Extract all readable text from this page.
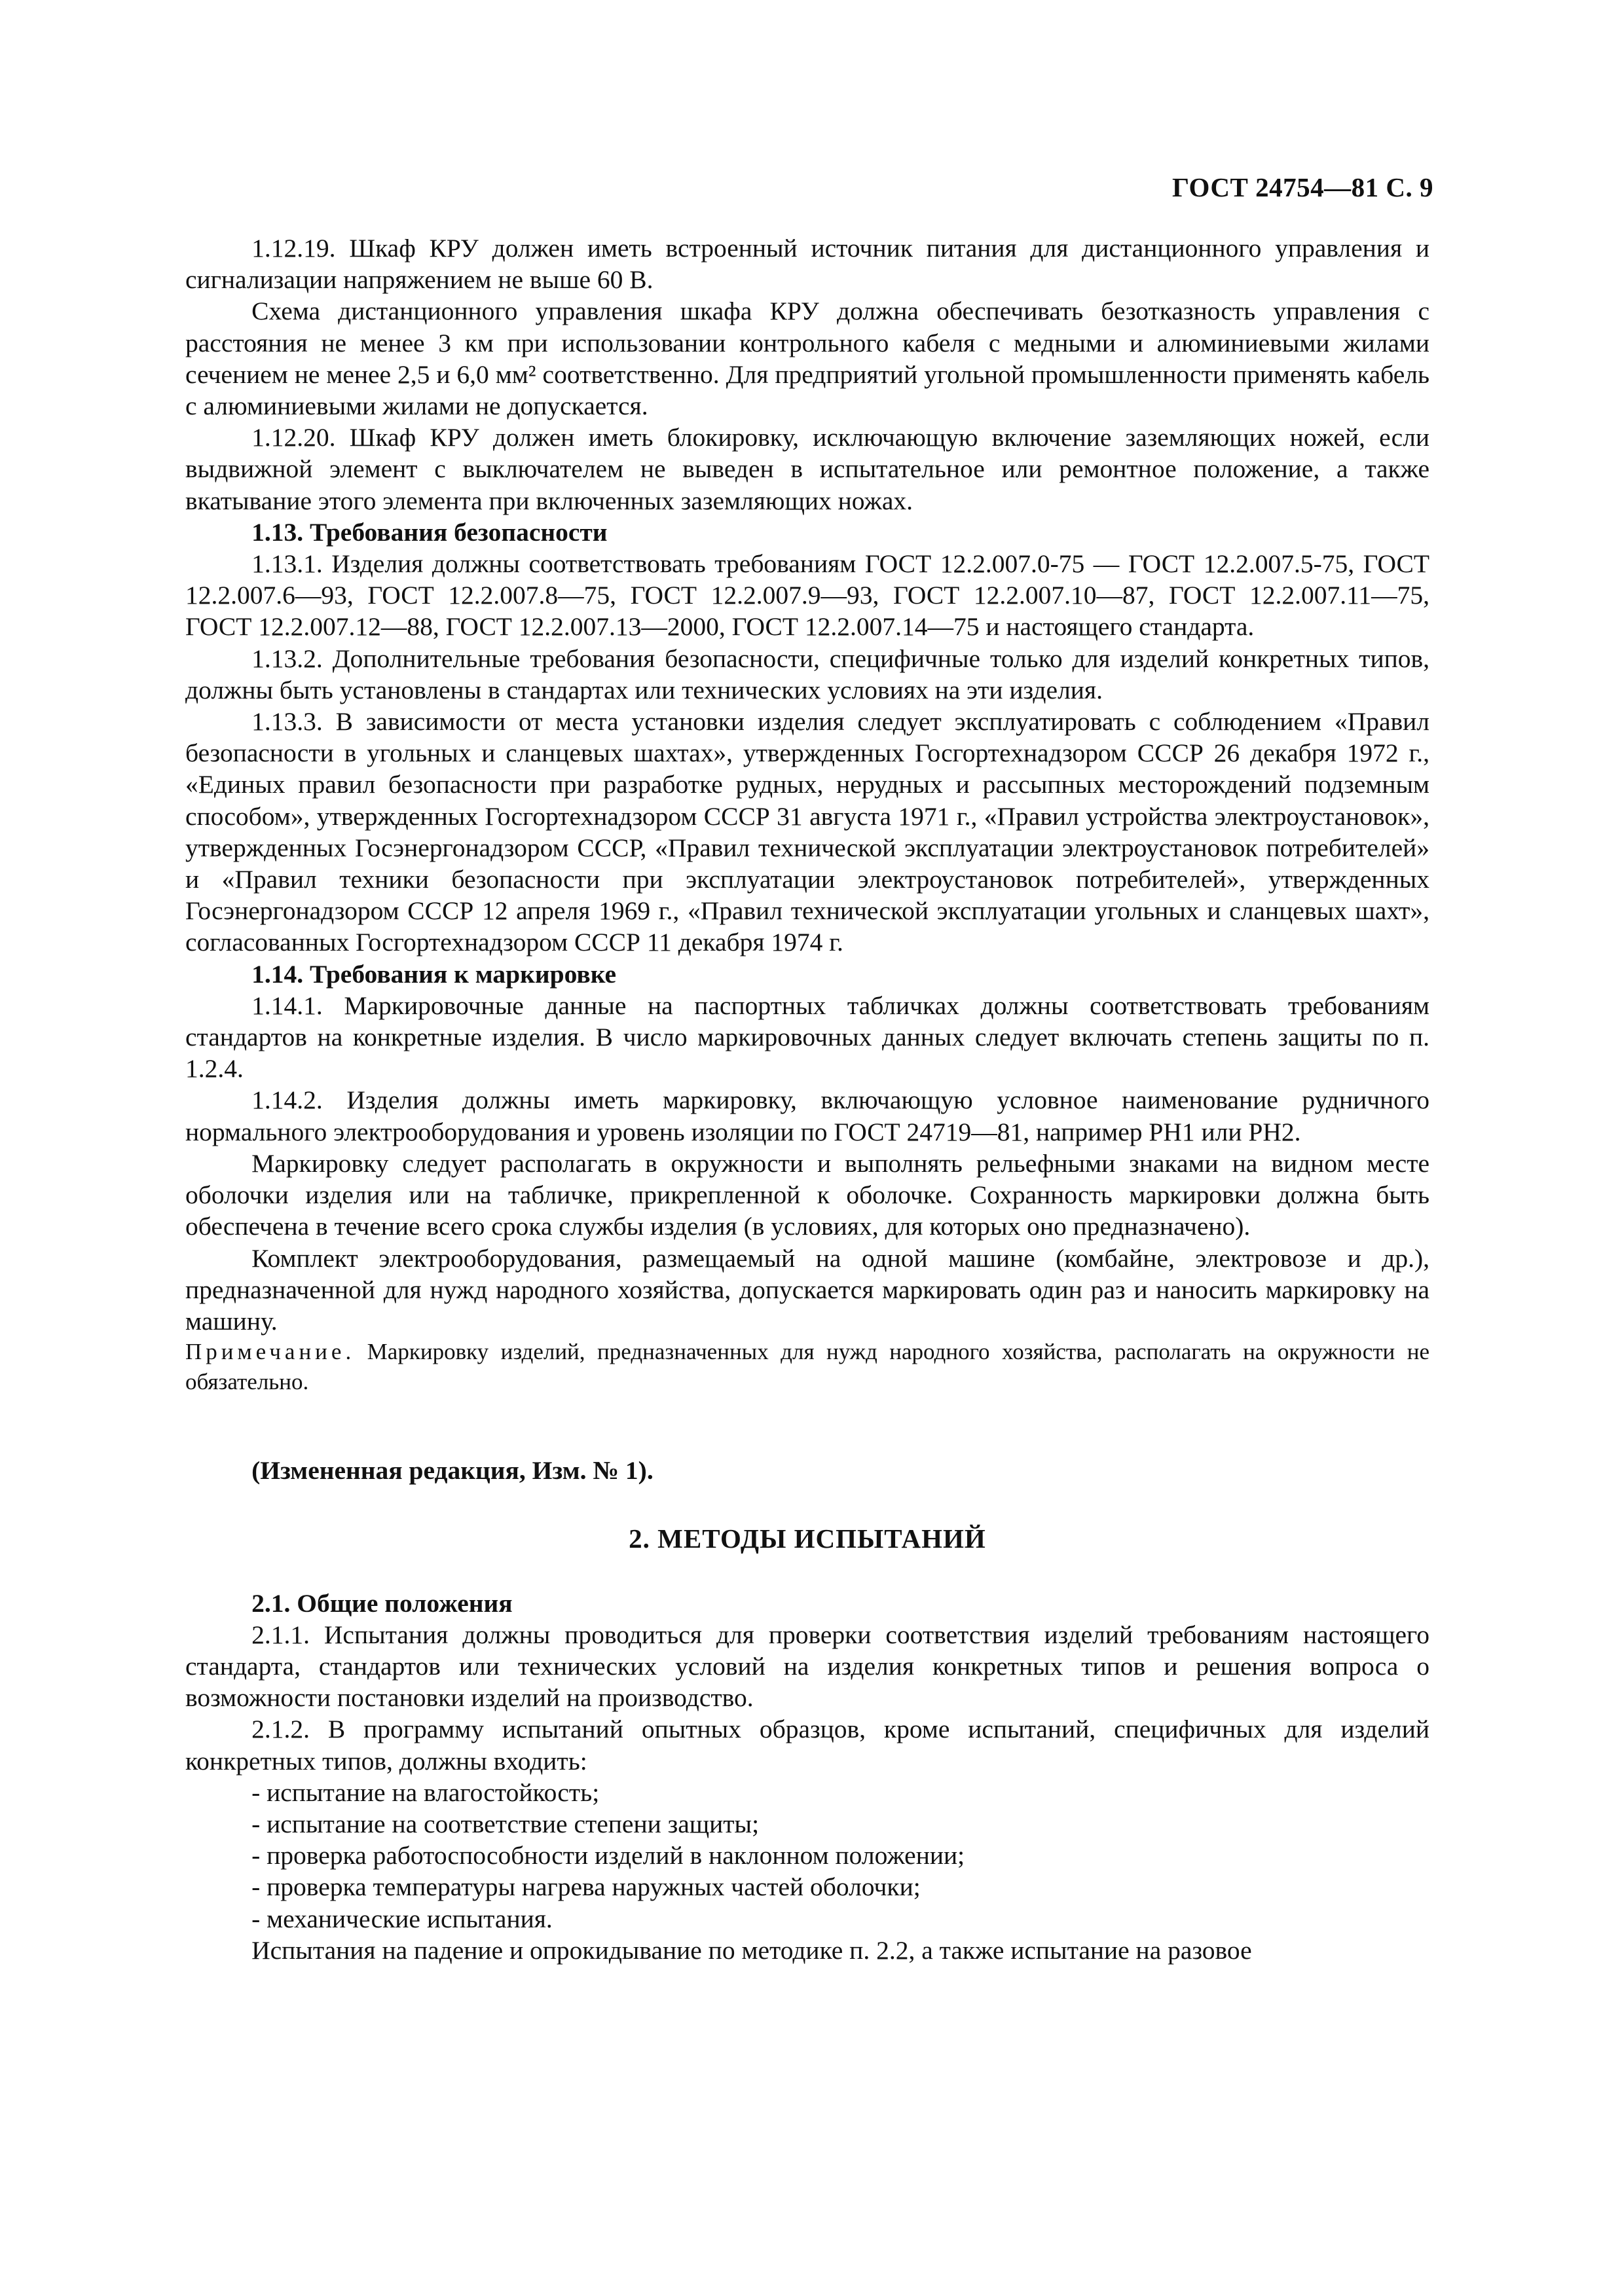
ГОСТ 24754—81 С. 9

1.12.19. Шкаф КРУ должен иметь встроенный источник питания для дистанционного управления и сигнализации напряжением не выше 60 В.

Схема дистанционного управления шкафа КРУ должна обеспечивать безотказность управления с расстояния не менее 3 км при использовании контрольного кабеля с медными и алюминиевыми жилами сечением не менее 2,5 и 6,0 мм² соответственно. Для предприятий угольной промышленности применять кабель с алюминиевыми жилами не допускается.

1.12.20. Шкаф КРУ должен иметь блокировку, исключающую включение заземляющих ножей, если выдвижной элемент с выключателем не выведен в испытательное или ремонтное положение, а также вкатывание этого элемента при включенных заземляющих ножах.

1.13. Требования безопасности

1.13.1. Изделия должны соответствовать требованиям ГОСТ 12.2.007.0-75 — ГОСТ 12.2.007.5-75, ГОСТ 12.2.007.6—93, ГОСТ 12.2.007.8—75, ГОСТ 12.2.007.9—93, ГОСТ 12.2.007.10—87, ГОСТ 12.2.007.11—75, ГОСТ 12.2.007.12—88, ГОСТ 12.2.007.13—2000, ГОСТ 12.2.007.14—75 и настоящего стандарта.

1.13.2. Дополнительные требования безопасности, специфичные только для изделий конкретных типов, должны быть установлены в стандартах или технических условиях на эти изделия.

1.13.3. В зависимости от места установки изделия следует эксплуатировать с соблюдением «Правил безопасности в угольных и сланцевых шахтах», утвержденных Госгортехнадзором СССР 26 декабря 1972 г., «Единых правил безопасности при разработке рудных, нерудных и рассыпных месторождений подземным способом», утвержденных Госгортехнадзором СССР 31 августа 1971 г., «Правил устройства электроустановок», утвержденных Госэнергонадзором СССР, «Правил технической эксплуатации электроустановок потребителей» и «Правил техники безопасности при эксплуатации электроустановок потребителей», утвержденных Госэнергонадзором СССР 12 апреля 1969 г., «Правил технической эксплуатации угольных и сланцевых шахт», согласованных Госгортехнадзором СССР 11 декабря 1974 г.

1.14. Требования к маркировке

1.14.1. Маркировочные данные на паспортных табличках должны соответствовать требованиям стандартов на конкретные изделия. В число маркировочных данных следует включать степень защиты по п. 1.2.4.

1.14.2. Изделия должны иметь маркировку, включающую условное наименование рудничного нормального электрооборудования и уровень изоляции по ГОСТ 24719—81, например РН1 или РН2.

Маркировку следует располагать в окружности и выполнять рельефными знаками на видном месте оболочки изделия или на табличке, прикрепленной к оболочке. Сохранность маркировки должна быть обеспечена в течение всего срока службы изделия (в условиях, для которых оно предназначено).

Комплект электрооборудования, размещаемый на одной машине (комбайне, электровозе и др.), предназначенной для нужд народного хозяйства, допускается маркировать один раз и наносить маркировку на машину.

Примечание. Маркировку изделий, предназначенных для нужд народного хозяйства, располагать на окружности не обязательно.

(Измененная редакция, Изм. № 1).

2. МЕТОДЫ ИСПЫТАНИЙ

2.1. Общие положения

2.1.1. Испытания должны проводиться для проверки соответствия изделий требованиям настоящего стандарта, стандартов или технических условий на изделия конкретных типов и решения вопроса о возможности постановки изделий на производство.

2.1.2. В программу испытаний опытных образцов, кроме испытаний, специфичных для изделий конкретных типов, должны входить:

- испытание на влагостойкость;

- испытание на соответствие степени защиты;

- проверка работоспособности изделий в наклонном положении;

- проверка температуры нагрева наружных частей оболочки;

- механические испытания.

Испытания на падение и опрокидывание по методике п. 2.2, а также испытание на разовое
